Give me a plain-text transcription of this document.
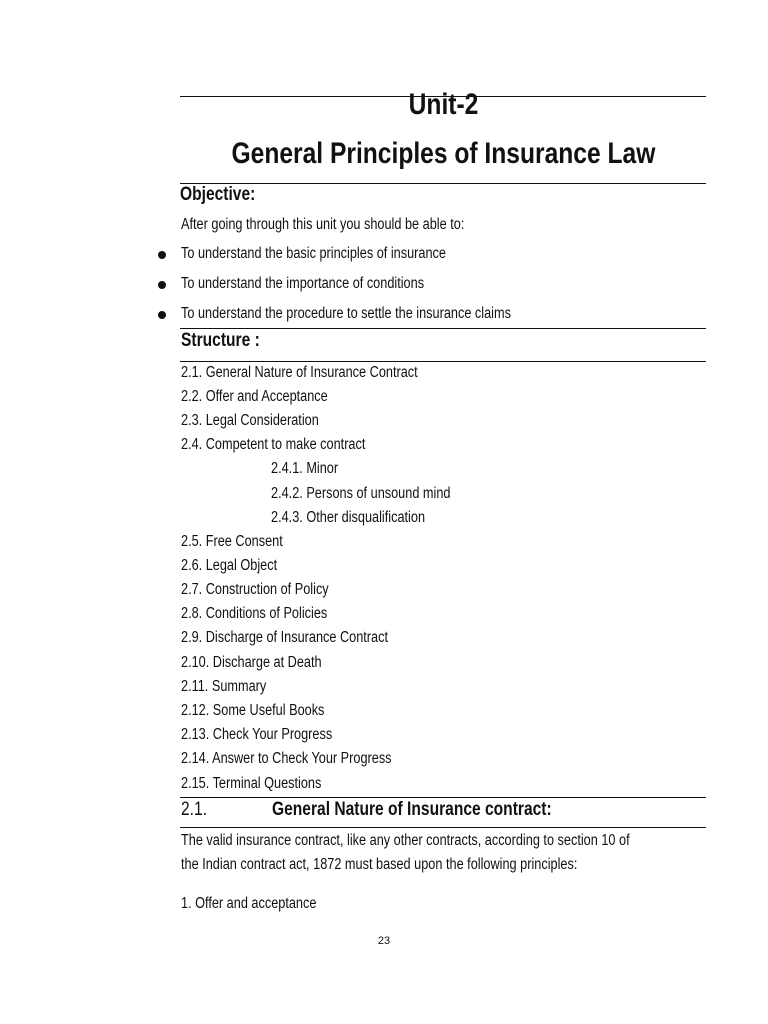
Unit-2
General Principles of Insurance Law
Objective:
After going through this unit you should be able to:
To understand the basic principles of insurance
To understand the importance of conditions
To understand the procedure to settle the insurance claims
Structure :
2.1. General Nature of Insurance Contract
2.2. Offer and Acceptance
2.3. Legal Consideration
2.4. Competent to make contract
2.4.1. Minor
2.4.2. Persons of unsound mind
2.4.3. Other disqualification
2.5. Free Consent
2.6. Legal Object
2.7. Construction of Policy
2.8. Conditions of Policies
2.9. Discharge of Insurance Contract
2.10. Discharge at Death
2.11. Summary
2.12. Some Useful Books
2.13. Check Your Progress
2.14. Answer to Check Your Progress
2.15. Terminal Questions
2.1.	General Nature of Insurance contract:
The valid insurance contract, like any other contracts, according to section 10 of
the Indian contract act, 1872 must based upon the following principles:
1. Offer and acceptance
23
